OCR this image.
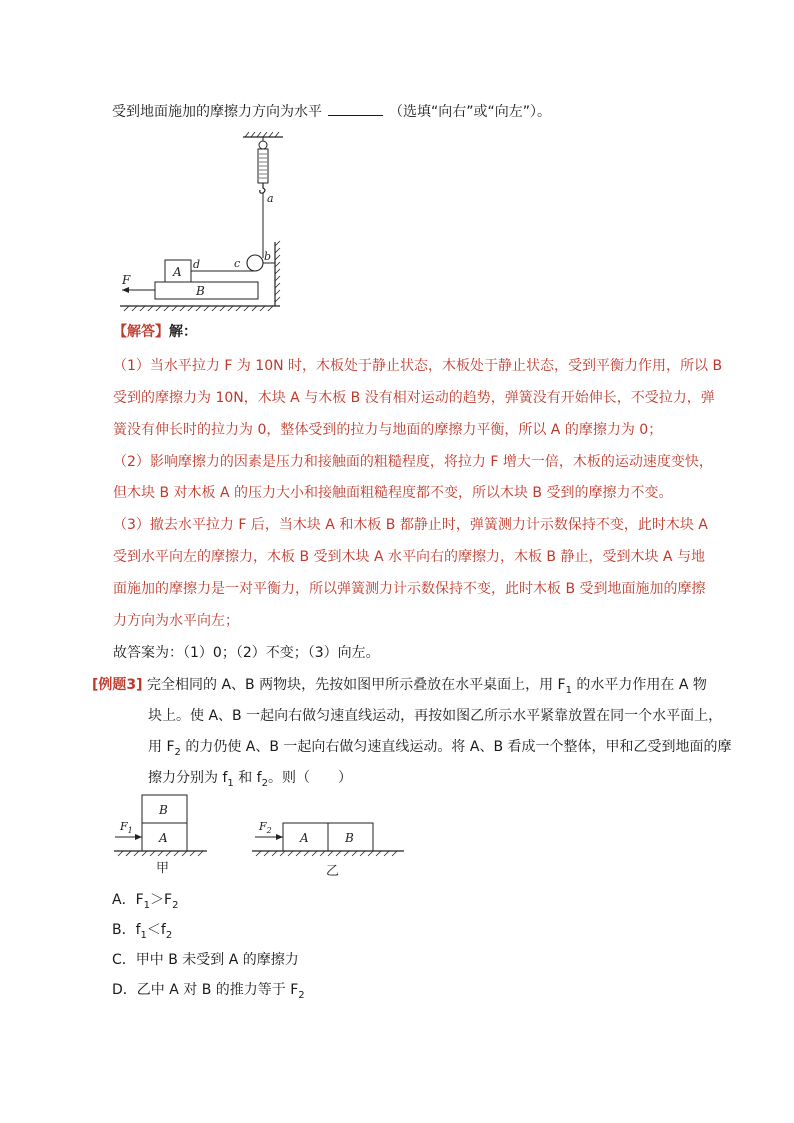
受到地面施加的摩擦力方向为水平	（选填“向右”或“向左”）。
a
b
c
d
A
B
F
【解答】解：
（1）当水平拉力 F 为 10N 时，木板处于静止状态，木板处于静止状态，受到平衡力作用，所以 B
受到的摩擦力为 10N，木块 A 与木板 B 没有相对运动的趋势，弹簧没有开始伸长，不受拉力，弹
簧没有伸长时的拉力为 0，整体受到的拉力与地面的摩擦力平衡，所以 A 的摩擦力为 0；
（2）影响摩擦力的因素是压力和接触面的粗糙程度，将拉力 F 增大一倍，木板的运动速度变快，
但木块 B 对木板 A 的压力大小和接触面粗糙程度都不变，所以木块 B 受到的摩擦力不变。
（3）撤去水平拉力 F 后，当木块 A 和木板 B 都静止时，弹簧测力计示数保持不变，此时木块 A
受到水平向左的摩擦力，木板 B 受到木块 A 水平向右的摩擦力，木板 B 静止，受到木块 A 与地
面施加的摩擦力是一对平衡力，所以弹簧测力计示数保持不变，此时木板 B 受到地面施加的摩擦
力方向为水平向左；
故答案为：（1）0；（2）不变；（3）向左。
[例题3] 完全相同的 A、B 两物块，先按如图甲所示叠放在水平桌面上，用 $F_1$ 的水平力作用在 A 物
块上。使 A、B 一起向右做匀速直线运动，再按如图乙所示水平紧靠放置在同一个水平面上，
用 $F_2$ 的力仍使 A、B 一起向右做匀速直线运动。将 A、B 看成一个整体，甲和乙受到地面的摩
擦力分别为 $f_1$ 和 $f_2$。则（　　）
B
A
$F_1$
甲
A	B
$F_2$
乙
A．$F_1>F_2$
B．$f_1<f_2$
C．甲中 B 未受到 A 的摩擦力
D．乙中 A 对 B 的推力等于 $F_2$
